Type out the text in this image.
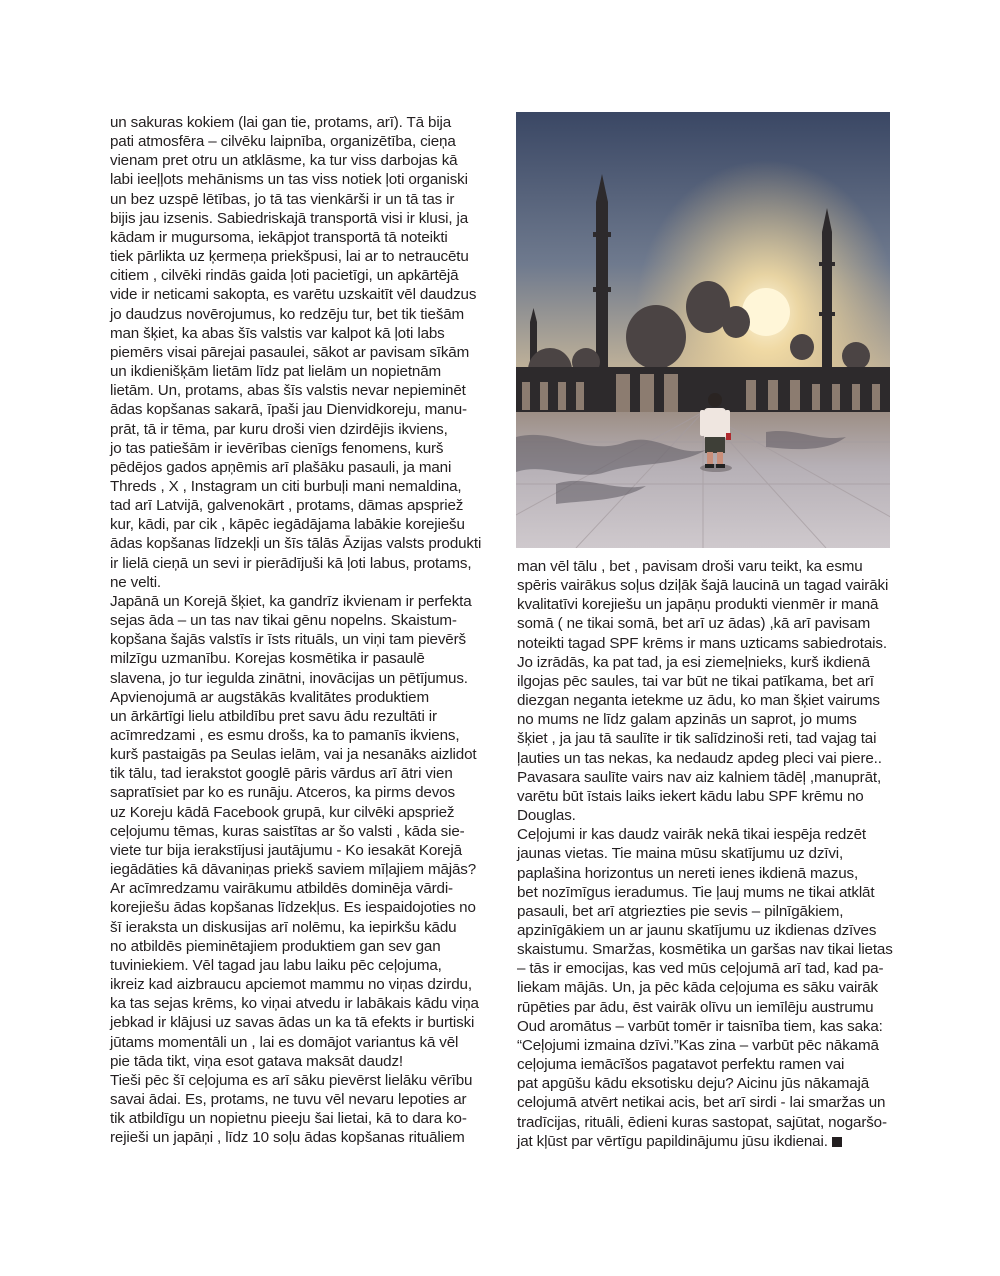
un sakuras kokiem (lai gan tie, protams, arī). Tā bija

pati atmosfēra – cilvēku laipnība, organizētība, cieņa

vienam pret otru un atklāsme, ka tur viss darbojas kā

labi ieeļļots mehānisms un tas viss notiek ļoti organiski

un bez uzspē lētības, jo tā tas vienkārši ir un tā tas ir

bijis jau izsenis. Sabiedriskajā transportā visi ir klusi, ja

kādam ir mugursoma, iekāpjot transportā tā noteikti

tiek pārlikta uz ķermeņa priekšpusi, lai ar to netraucētu

citiem , cilvēki rindās gaida ļoti pacietīgi, un apkārtējā

vide ir neticami sakopta, es varētu uzskaitīt vēl daudzus

jo daudzus novērojumus, ko redzēju tur, bet tik tiešām

man šķiet, ka abas šīs valstis var kalpot kā ļoti labs

piemērs visai pārejai pasaulei, sākot ar pavisam sīkām

un ikdienišķām lietām līdz pat lielām un nopietnām

lietām. Un, protams, abas šīs valstis nevar nepieminēt

ādas kopšanas sakarā, īpaši jau Dienvidkoreju, manu-

prāt, tā ir tēma, par kuru droši vien dzirdējis ikviens,

jo tas patiešām ir ievērības cienīgs fenomens, kurš

pēdējos gados apņēmis arī plašāku pasauli, ja mani

Threds , X , Instagram un citi burbuļi mani nemaldina,

tad arī Latvijā, galvenokārt , protams, dāmas apspriež

kur, kādi, par cik , kāpēc iegādājama labākie korejiešu

ādas kopšanas līdzekļi un šīs tālās Āzijas valsts produkti

ir lielā cieņā un sevi ir pierādījuši kā ļoti labus, protams,

ne velti.

Japānā un Korejā šķiet, ka gandrīz ikvienam ir perfekta

sejas āda – un tas nav tikai gēnu nopelns. Skaistum-

kopšana šajās valstīs ir īsts rituāls, un viņi tam pievērš

milzīgu uzmanību. Korejas kosmētika ir pasaulē

slavena, jo tur iegulda zinātni, inovācijas un pētījumus.

Apvienojumā ar augstākās kvalitātes produktiem

un ārkārtīgi lielu atbildību pret savu ādu rezultāti ir

acīmredzami , es esmu drošs, ka to pamanīs ikviens,

kurš pastaigās pa Seulas ielām, vai ja nesanāks aizlidot

tik tālu, tad ierakstot googlē pāris vārdus arī ātri vien

sapratīsiet par ko es runāju. Atceros, ka pirms devos

uz Koreju kādā Facebook grupā, kur cilvēki apspriež

ceļojumu tēmas, kuras saistītas ar šo valsti , kāda sie-

viete tur bija ierakstījusi jautājumu - Ko iesakāt Korejā

iegādāties kā dāvaniņas priekš saviem mīļajiem mājās?

Ar acīmredzamu vairākumu atbildēs dominēja vārdi-

korejiešu ādas kopšanas līdzekļus. Es iespaidojoties no

šī ieraksta un diskusijas arī nolēmu, ka iepirkšu kādu

no atbildēs pieminētajiem produktiem gan sev gan

tuviniekiem. Vēl tagad jau labu laiku pēc ceļojuma,

ikreiz kad aizbraucu apciemot mammu no viņas dzirdu,

ka tas sejas krēms, ko viņai atvedu ir labākais kādu viņa

jebkad ir klājusi uz savas ādas un ka tā efekts ir burtiski

jūtams momentāli un , lai es domājot variantus kā vēl

pie tāda tikt, viņa esot gatava maksāt daudz!

Tieši pēc šī ceļojuma es arī sāku pievērst lielāku vērību

savai ādai. Es, protams, ne tuvu vēl nevaru lepoties ar

tik atbildīgu un nopietnu pieeju šai lietai, kā to dara ko-

rejieši un japāņi , līdz 10 soļu ādas kopšanas rituāliem

man vēl tālu , bet , pavisam droši varu teikt, ka esmu

spēris vairākus soļus dziļāk šajā laucinā un tagad vairāki

kvalitatīvi korejiešu un japāņu produkti vienmēr ir manā

somā ( ne tikai somā, bet arī uz ādas) ,kā arī pavisam

noteikti tagad SPF krēms ir mans uzticams sabiedrotais.

Jo izrādās, ka pat tad, ja esi ziemeļnieks, kurš ikdienā

ilgojas pēc saules, tai var būt ne tikai patīkama, bet arī

diezgan neganta ietekme uz ādu, ko man šķiet vairums

no mums ne līdz galam apzinās un saprot, jo mums

šķiet , ja jau tā saulīte ir tik salīdzinoši reti, tad vajag tai

ļauties un tas nekas, ka nedaudz apdeg pleci vai piere..

Pavasara saulīte vairs nav aiz kalniem tādēļ ,manuprāt,

varētu būt īstais laiks iekert kādu labu SPF krēmu no

Douglas.

Ceļojumi ir kas daudz vairāk nekā tikai iespēja redzēt

jaunas vietas. Tie maina mūsu skatījumu uz dzīvi,

paplašina horizontus un nereti ienes ikdienā mazus,

bet nozīmīgus ieradumus. Tie ļauj mums ne tikai atklāt

pasauli, bet arī atgriezties pie sevis – pilnīgākiem,

apzinīgākiem un ar jaunu skatījumu uz ikdienas dzīves

skaistumu. Smaržas, kosmētika un garšas nav tikai lietas

– tās ir emocijas, kas ved mūs ceļojumā arī tad, kad pa-

liekam mājās. Un, ja pēc kāda ceļojuma es sāku vairāk

rūpēties par ādu, ēst vairāk olīvu un iemīlēju austrumu

Oud aromātus – varbūt tomēr ir taisnība tiem, kas saka:

“Ceļojumi izmaina dzīvi.”Kas zina – varbūt pēc nākamā

ceļojuma iemācīšos pagatavot perfektu ramen vai

pat apgūšu kādu eksotisku deju? Aicinu jūs nākamajā

celojumā atvērt netikai acis, bet arī sirdi - lai smaržas un

tradīcijas, rituāli, ēdieni kuras sastopat, sajūtat, nogaršo-

jat kļūst par vērtīgu papildinājumu jūsu ikdienai.
